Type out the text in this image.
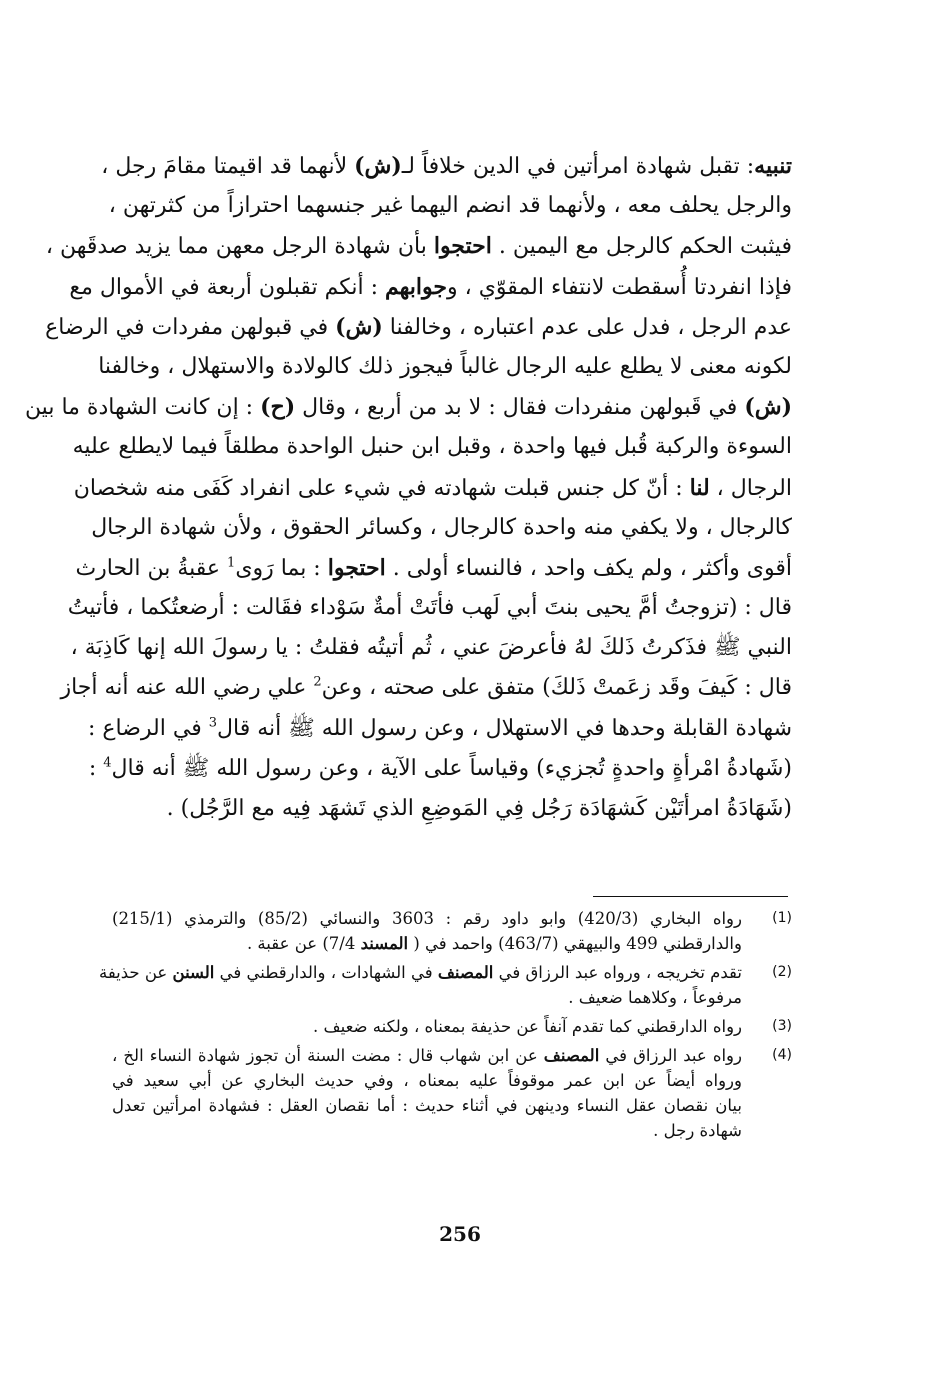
تنبيه: تقبل شهادة امرأتين في الدين خلافاً لـ(ش) لأنهما قد اقيمتا مقامَ رجل ،
والرجل يحلف معه ، ولأنهما قد انضم اليهما غير جنسهما احترازاً من كثرتهن ،
فيثبت الحكم كالرجل مع اليمين . احتجوا بأن شهادة الرجل معهن مما يزيد صدقَهن ،
فإذا انفردتا أُسقطت لانتفاء المقوّي ، وجوابهم : أنكم تقبلون أربعة في الأموال مع
عدم الرجل ، فدل على عدم اعتباره ، وخالفنا (ش) في قبولهن مفردات في الرضاع
لكونه معنى لا يطلع عليه الرجال غالباً فيجوز ذلك كالولادة والاستهلال ، وخالفنا
(ش) في قَبولهن منفردات فقال : لا بد من أربع ، وقال (ح) : إن كانت الشهادة ما بين
السوءة والركبة قُبل فيها واحدة ، وقبل ابن حنبل الواحدة مطلقاً فيما لايطلع عليه
الرجال ، لنا : أنّ كل جنس قبلت شهادته في شيء على انفراد كَفَى منه شخصان
كالرجال ، ولا يكفي منه واحدة كالرجال ، وكسائر الحقوق ، ولأن شهادة الرجال
أقوى وأكثر ، ولم يكف واحد ، فالنساء أولى . احتجوا : بما رَوى$^1$ عقبةُ بن الحارث
قال : (تزوجتُ أمَّ يحيى بنتَ أبي لَهب فأتَتْ أمةٌ سَوْداء فقَالت : أرضعتُكما ، فأتيتُ
النبي ﷺ فذَكرتُ ذَلكَ لهُ فأعرضَ عني ، ثُم أتيتُه فقلتُ : يا رسولَ الله إنها كَاذِبَة ،
قال : كَيفَ وقَد زعَمتْ ذَلكَ) متفق على صحته ، وعن$^2$ علي رضي الله عنه أنه أجاز
شهادة القابلة وحدها في الاستهلال ، وعن رسول الله ﷺ أنه قال$^3$ في الرضاع :
(شَهادةُ امْرأةٍ واحدةٍ تُجزيء) وقياساً على الآية ، وعن رسول الله ﷺ أنه قال$^4$ :
(شَهَادَةُ امرأتَيْن كَشهَادَة رَجُل فِي المَوضِعِ الذي تَشهَد فِيه مع الرَّجُل) .
(1)
رواه البخاري (420/3) وابو داود رقم : 3603 والنسائي (85/2) والترمذي (215/1)
والدارقطني 499 والبيهقي (463/7) واحمد في ( المسند 7/4) عن عقبة .
(2)
تقدم تخريجه ، ورواه عبد الرزاق في المصنف في الشهادات ، والدارقطني في السنن عن حذيفة
مرفوعاً ، وكلاهما ضعيف .
(3)
رواه الدارقطني كما تقدم آنفاً عن حذيفة بمعناه ، ولكنه ضعيف .
(4)
رواه عبد الرزاق في المصنف عن ابن شهاب قال : مضت السنة أن تجوز شهادة النساء الخ ،
ورواه أيضاً عن ابن عمر موقوفاً عليه بمعناه ، وفي حديث البخاري عن أبي سعيد في
بيان نقصان عقل النساء ودينهن في أثناء حديث : أما نقصان العقل : فشهادة امرأتين تعدل
شهادة رجل .
256
